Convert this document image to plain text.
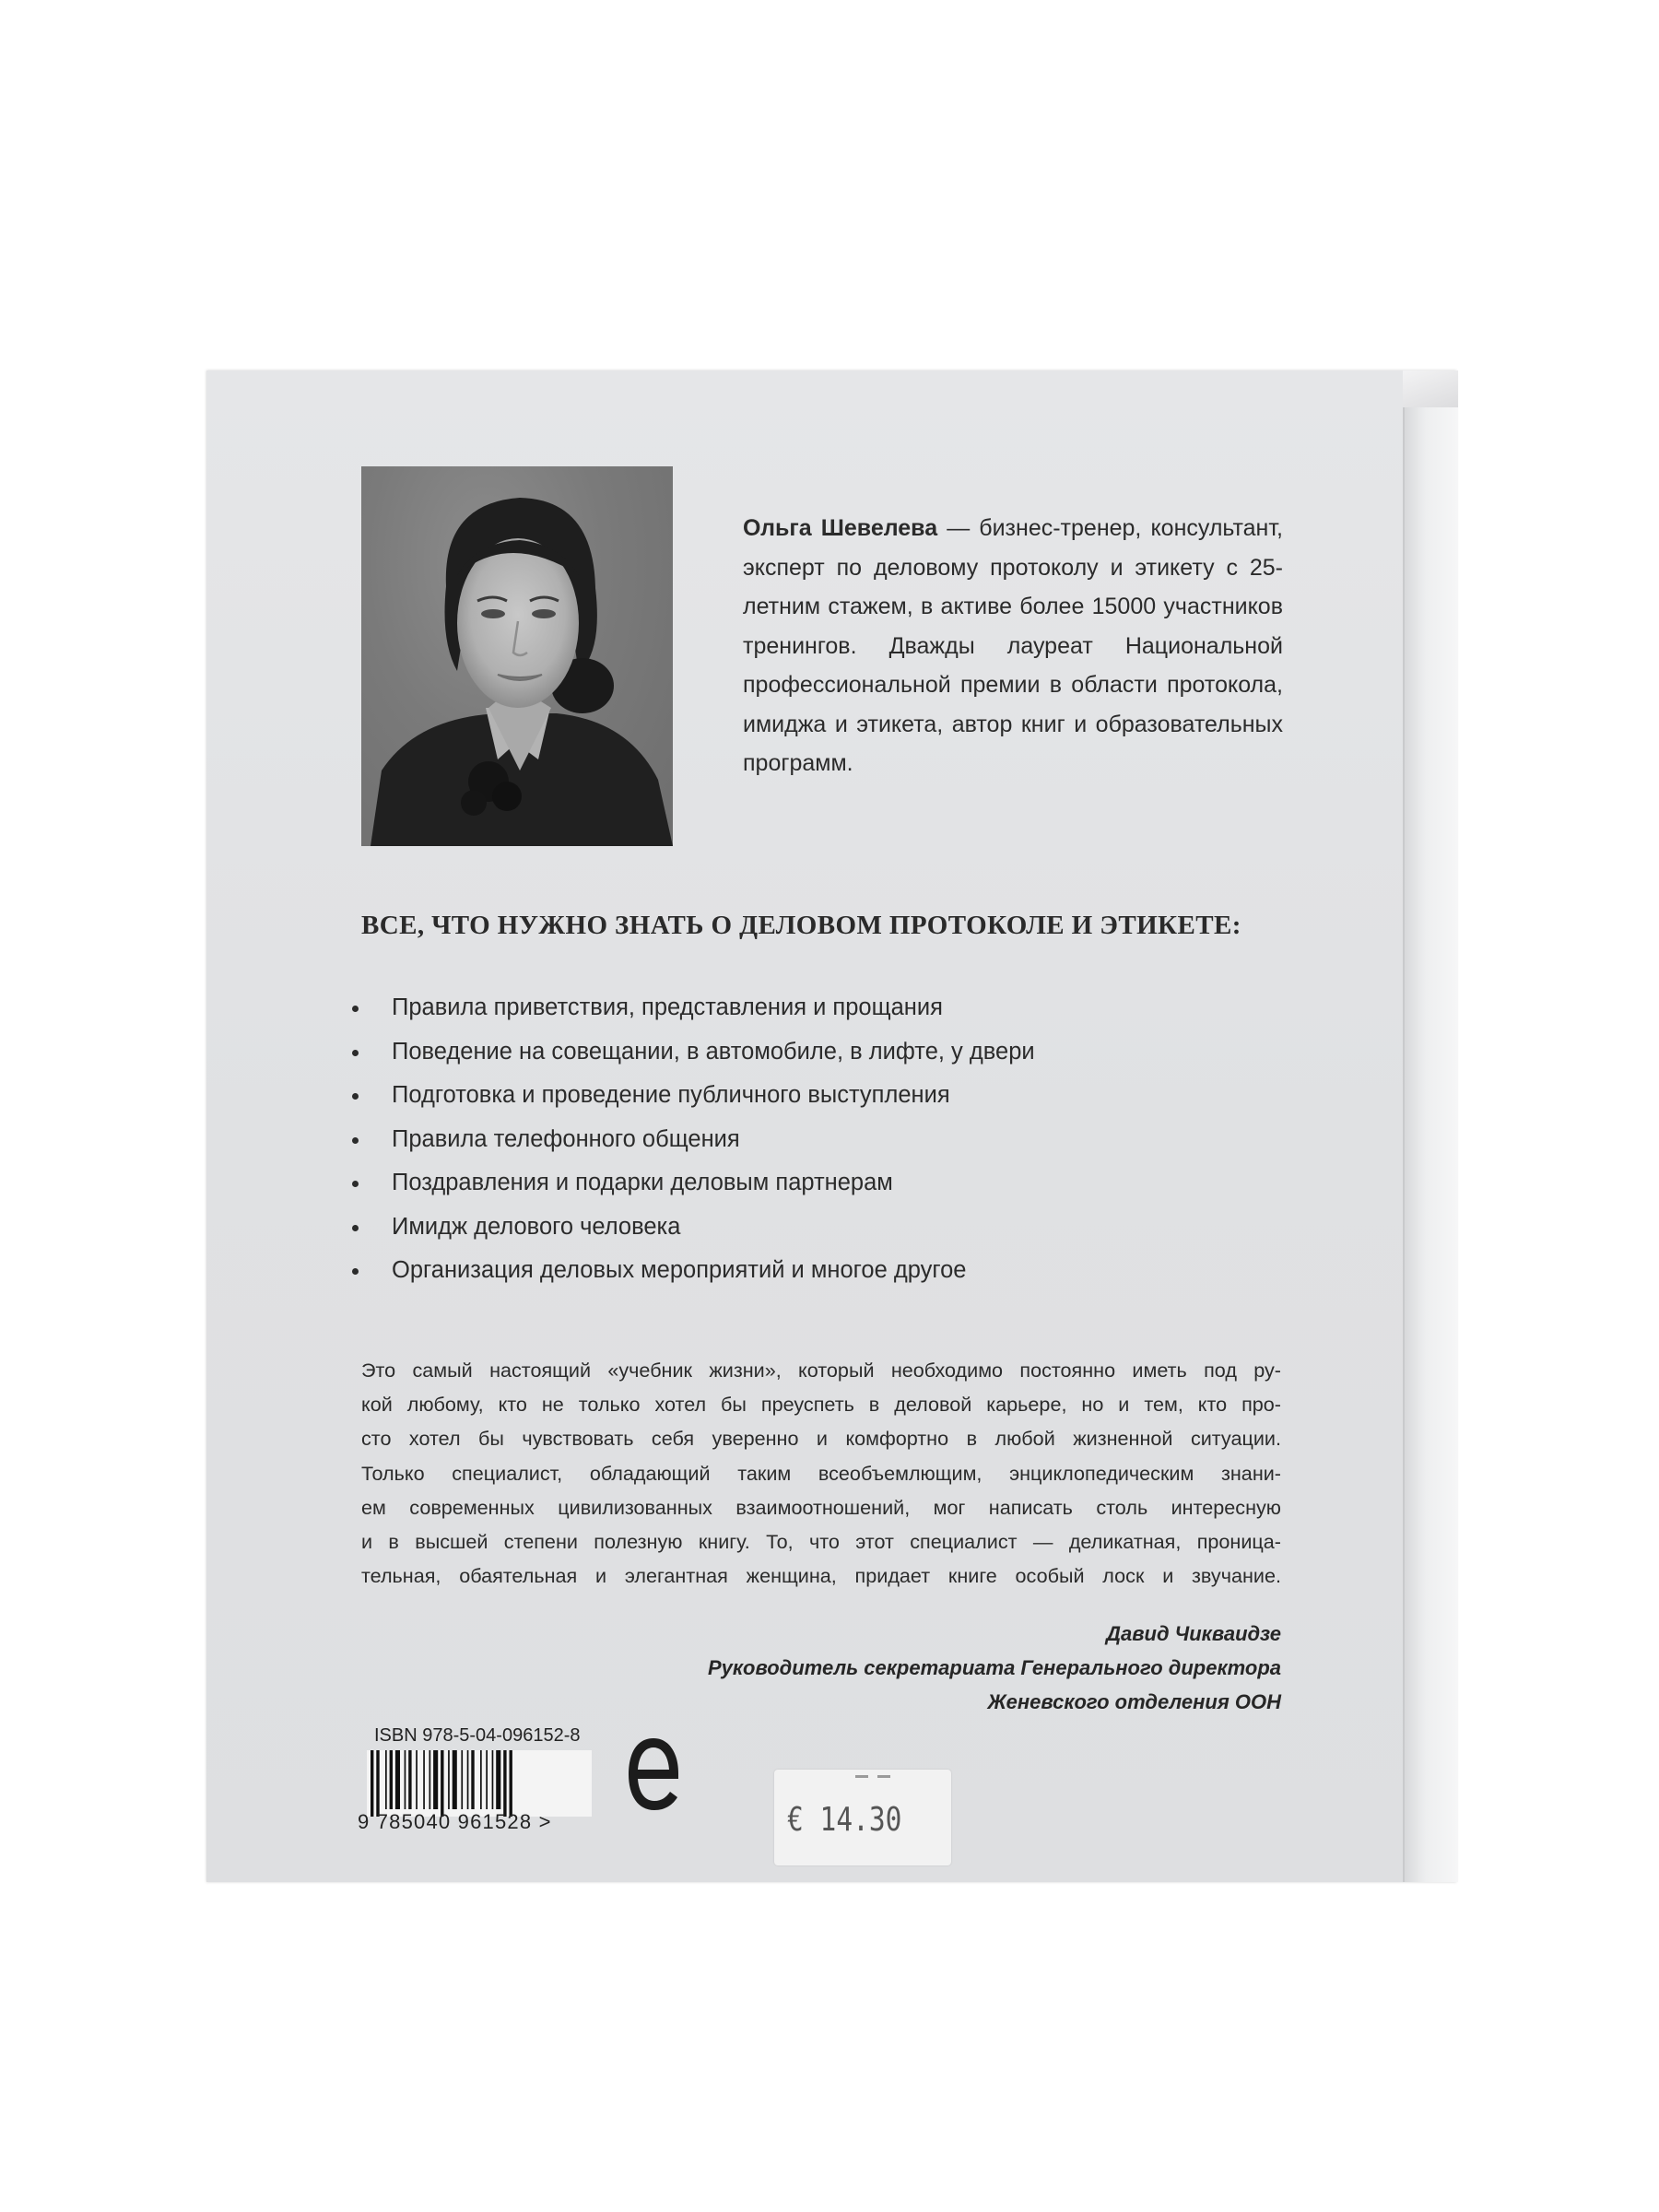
Ольга Шевелева — бизнес-тренер, консультант, эксперт по деловому протоколу и этикету с 25-летним стажем, в активе более 15000 участников тренингов. Дважды лауреат Национальной профессиональной премии в области протокола, имиджа и этикета, автор книг и образовательных программ.
ВСЕ, ЧТО НУЖНО ЗНАТЬ О ДЕЛОВОМ ПРОТОКОЛЕ И ЭТИКЕТЕ:
Правила приветствия, представления и прощания
Поведение на совещании, в автомобиле, в лифте, у двери
Подготовка и проведение публичного выступления
Правила телефонного общения
Поздравления и подарки деловым партнерам
Имидж делового человека
Организация деловых мероприятий и многое другое
Это самый настоящий «учебник жизни», который необходимо постоянно иметь под ру-
кой любому, кто не только хотел бы преуспеть в деловой карьере, но и тем, кто про-
сто хотел бы чувствовать себя уверенно и комфортно в любой жизненной ситуации.
Только специалист, обладающий таким всеобъемлющим, энциклопедическим знани-
ем современных цивилизованных взаимоотношений, мог написать столь интересную
и в высшей степени полезную книгу. То, что этот специалист — деликатная, проница-
тельная, обаятельная и элегантная женщина, придает книге особый лоск и звучание.
Давид Чикваидзе
Руководитель секретариата Генерального директора
Женевского отделения ООН
ISBN 978-5-04-096152-8
9 785040 961528 >	€ 14.30
